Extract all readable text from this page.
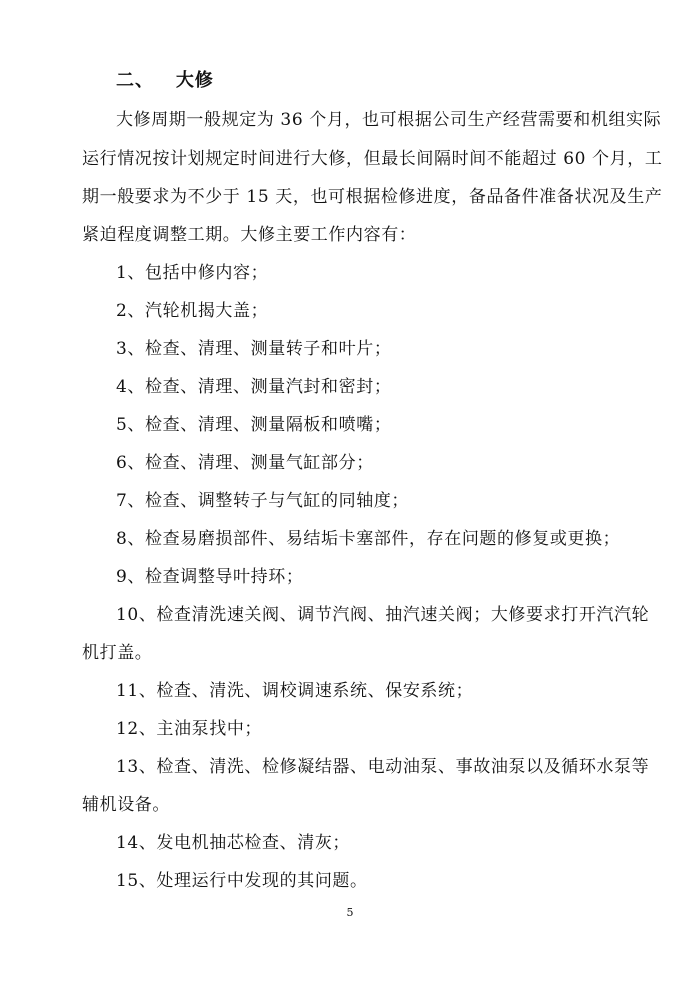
二、 大修
大修周期一般规定为 36 个月，也可根据公司生产经营需要和机组实际
运行情况按计划规定时间进行大修，但最长间隔时间不能超过 60 个月，工
期一般要求为不少于 15 天，也可根据检修进度，备品备件准备状况及生产
紧迫程度调整工期。大修主要工作内容有：
1、包括中修内容；
2、汽轮机揭大盖；
3、检查、清理、测量转子和叶片；
4、检查、清理、测量汽封和密封；
5、检查、清理、测量隔板和喷嘴；
6、检查、清理、测量气缸部分；
7、检查、调整转子与气缸的同轴度；
8、检查易磨损部件、易结垢卡塞部件，存在问题的修复或更换；
9、检查调整导叶持环；
10、检查清洗速关阀、调节汽阀、抽汽速关阀；大修要求打开汽汽轮
机打盖。
11、检查、清洗、调校调速系统、保安系统；
12、主油泵找中；
13、检查、清洗、检修凝结器、电动油泵、事故油泵以及循环水泵等
辅机设备。
14、发电机抽芯检查、清灰；
15、处理运行中发现的其问题。
5
